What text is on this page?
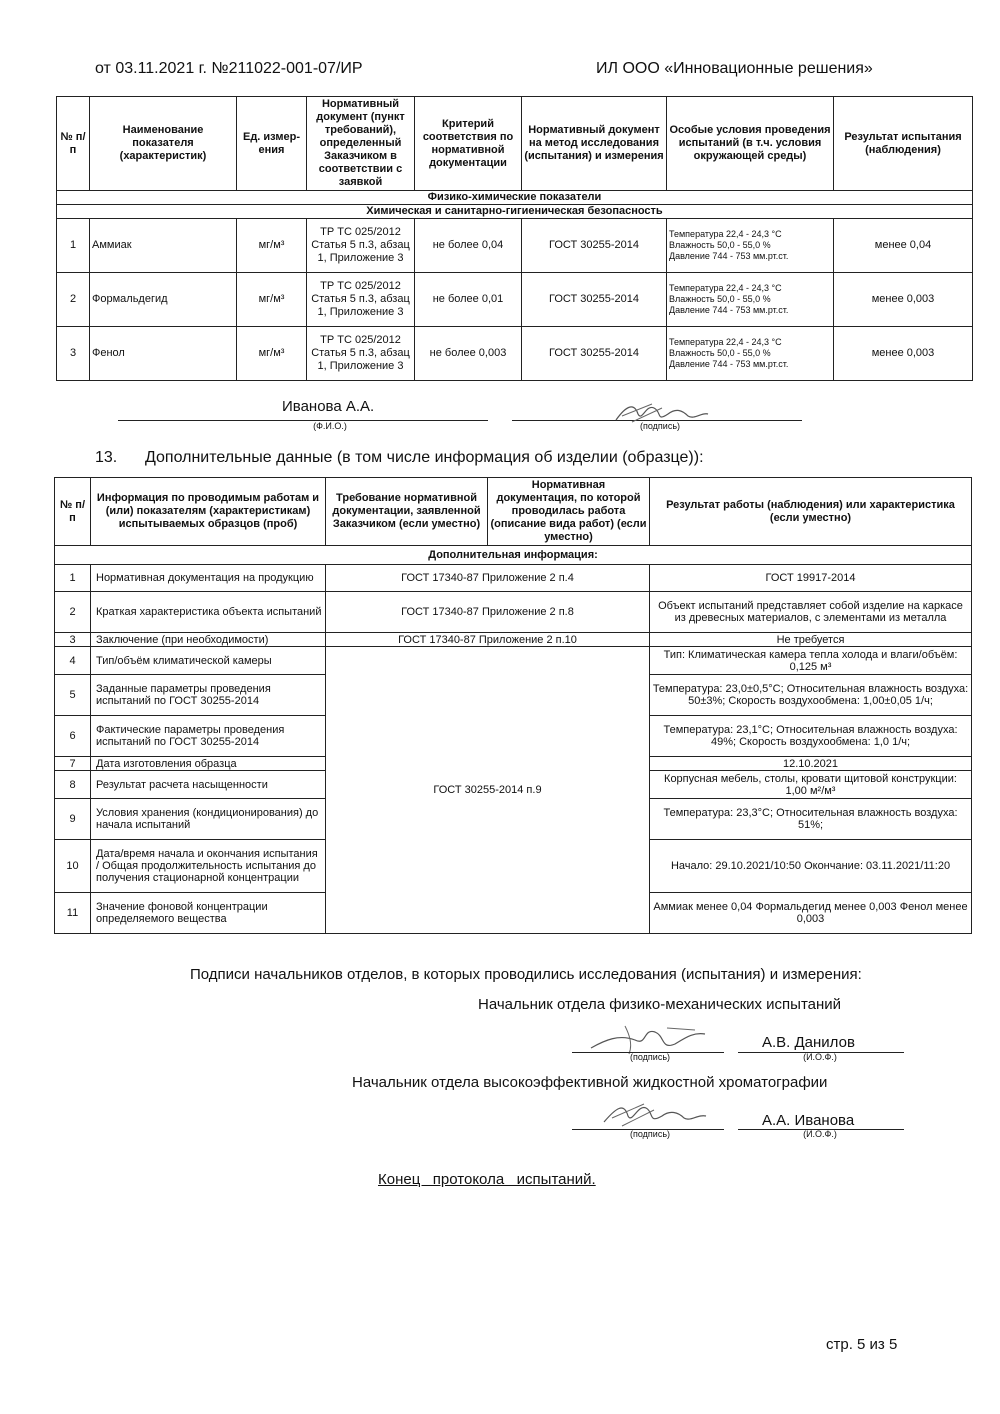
от 03.11.2021 г. №211022-001-07/ИР	ИЛ ООО «Инновационные решения»
№ п/п	Наименование показателя (характеристик)	Ед. измер-ения	Нормативный документ (пункт требований), определенный Заказчиком в соответствии с заявкой	Критерий соответствия по нормативной документации	Нормативный документ на метод исследования (испытания) и измерения	Особые условия проведения испытаний (в т.ч. условия окружающей среды)	Результат испытания (наблюдения)
Физико-химические показатели							
Химическая и санитарно-гигиеническая безопасность							
1	Аммиак	мг/м³	ТР ТС 025/2012 Статья 5 п.3, абзац 1, Приложение 3	не более 0,04	ГОСТ 30255-2014	Температура 22,4 - 24,3 °С
Влажность 50,0 - 55,0 %
Давление 744 - 753 мм.рт.ст.	менее 0,04
2	Формальдегид	мг/м³	ТР ТС 025/2012 Статья 5 п.3, абзац 1, Приложение 3	не более 0,01	ГОСТ 30255-2014	Температура 22,4 - 24,3 °С
Влажность 50,0 - 55,0 %
Давление 744 - 753 мм.рт.ст.	менее 0,003
3	Фенол	мг/м³	ТР ТС 025/2012 Статья 5 п.3, абзац 1, Приложение 3	не более 0,003	ГОСТ 30255-2014	Температура 22,4 - 24,3 °С
Влажность 50,0 - 55,0 %
Давление 744 - 753 мм.рт.ст.	менее 0,003
Иванова А.А.
(Ф.И.О.)	(подпись)
13. Дополнительные данные (в том числе информация об изделии (образце)):
№ п/п	Информация по проводимым работам и (или) показателям (характеристикам) испытываемых образцов (проб)	Требование нормативной документации, заявленной Заказчиком (если уместно)	Нормативная документация, по которой проводилась работа (описание вида работ) (если уместно)	Результат работы (наблюдения) или характеристика (если уместно)
Дополнительная информация:				
1	Нормативная документация на продукцию	ГОСТ 17340-87 Приложение 2 п.4		ГОСТ 19917-2014
2	Краткая характеристика объекта испытаний	ГОСТ 17340-87 Приложение 2 п.8		Объект испытаний представляет собой изделие на каркасе из древесных материалов, с элементами из металла
3	Заключение (при необходимости)	ГОСТ 17340-87 Приложение 2 п.10		Не требуется
4	Тип/объём климатической камеры	ГОСТ 30255-2014 п.9		Тип: Климатическая камера тепла холода и влаги/объём: 0,125 м³
5	Заданные параметры проведения испытаний по ГОСТ 30255-2014			Температура: 23,0±0,5°С; Относительная влажность воздуха: 50±3%; Скорость воздухообмена: 1,00±0,05 1/ч;
6	Фактические параметры проведения испытаний по ГОСТ 30255-2014			Температура: 23,1°С; Относительная влажность воздуха: 49%; Скорость воздухообмена: 1,0 1/ч;
7	Дата изготовления образца			12.10.2021
8	Результат расчета насыщенности			Корпусная мебель, столы, кровати щитовой конструкции: 1,00 м²/м³
9	Условия хранения (кондиционирования) до начала испытаний			Температура: 23,3°С; Относительная влажность воздуха: 51%;
10	Дата/время начала и окончания испытания / Общая продолжительность испытания до получения стационарной концентрации			Начало: 29.10.2021/10:50 Окончание: 03.11.2021/11:20
11	Значение фоновой концентрации определяемого вещества			Аммиак менее 0,04 Формальдегид менее 0,003 Фенол менее 0,003
Подписи начальников отделов, в которых проводились исследования (испытания) и измерения:
Начальник отдела физико-механических испытаний
(подпись)
А.В. Данилов
(И.О.Ф.)
Начальник отдела высокоэффективной жидкостной хроматографии
(подпись)
А.А. Иванова
(И.О.Ф.)
Конец   протокола   испытаний.
стр. 5 из 5
